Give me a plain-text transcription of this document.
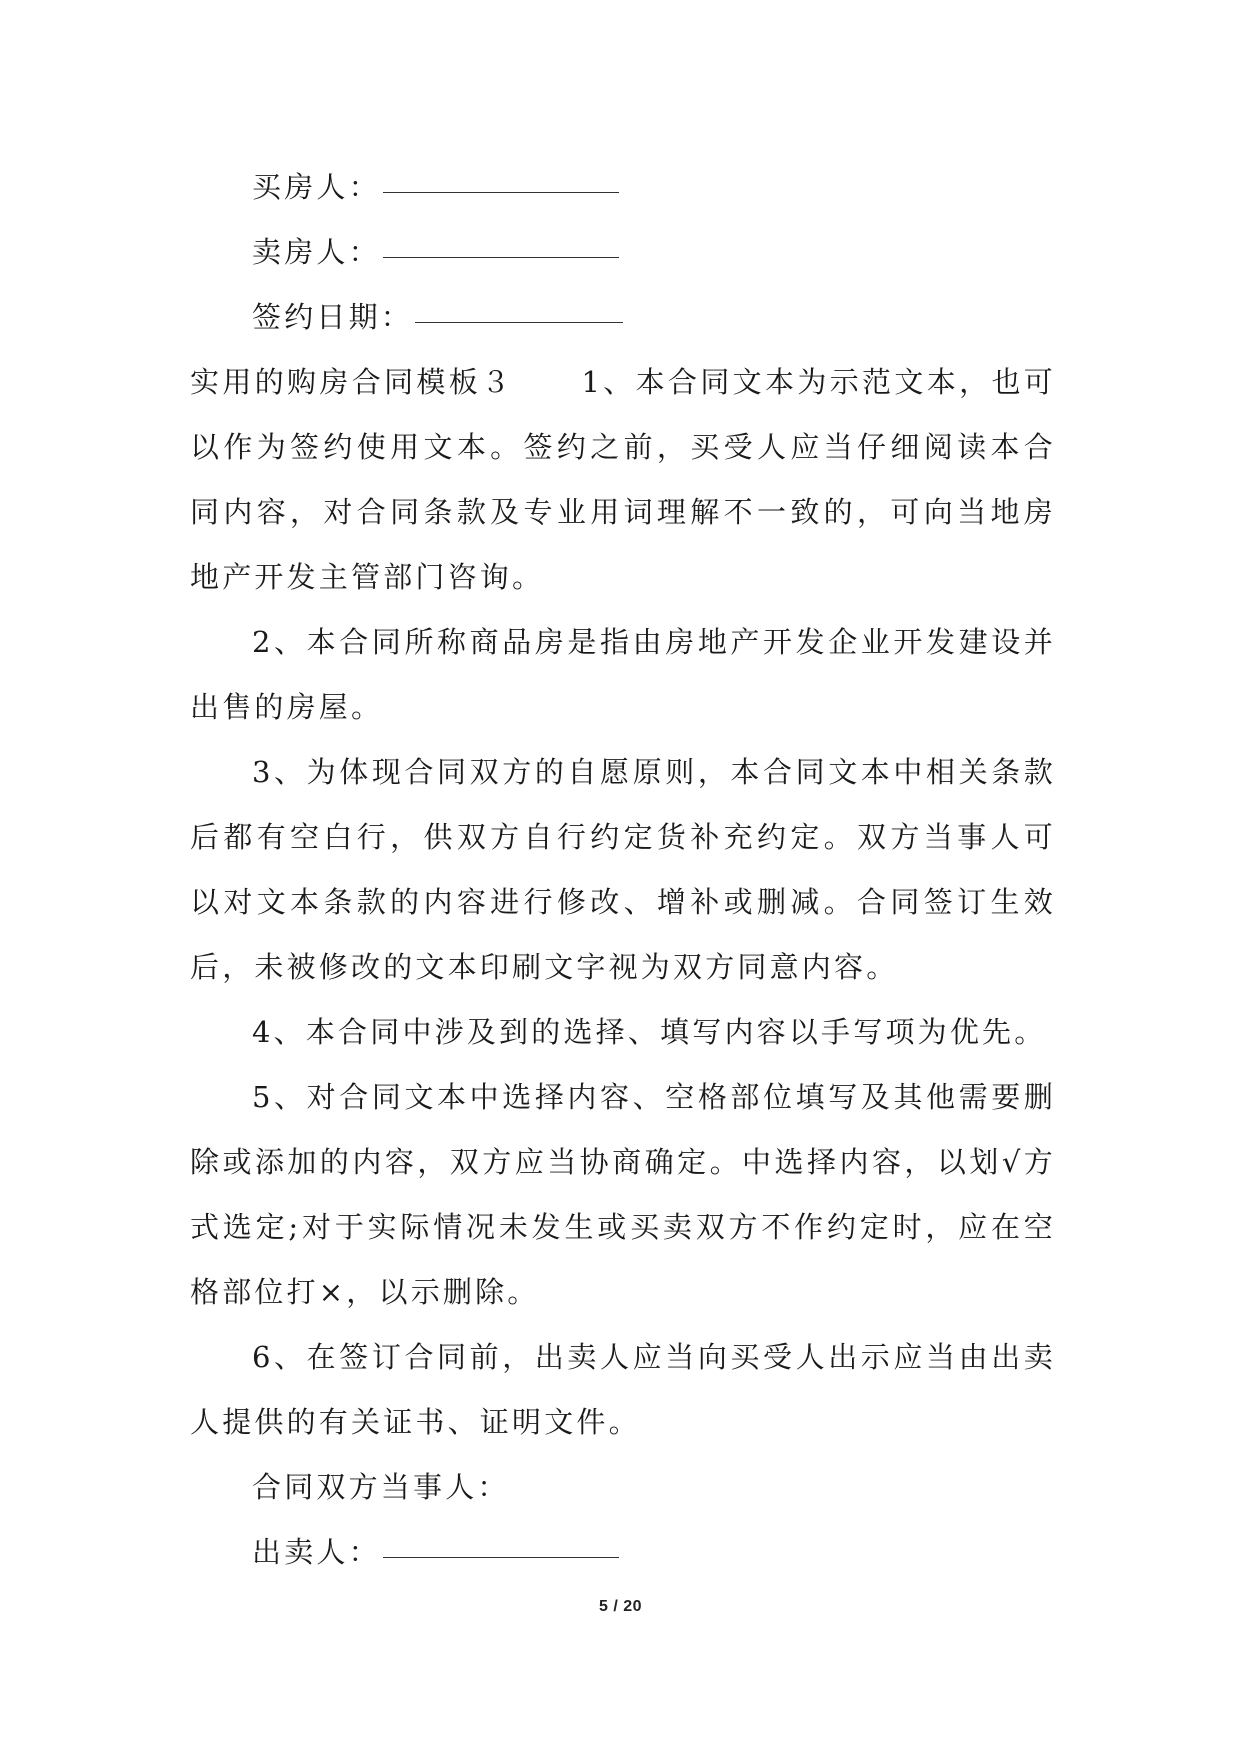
买房人：
卖房人：
签约日期：
实用的购房合同模板３ 1、本合同文本为示范文本，也可以作为签约使用文本。签约之前，买受人应当仔细阅读本合同内容，对合同条款及专业用词理解不一致的，可向当地房地产开发主管部门咨询。
2、本合同所称商品房是指由房地产开发企业开发建设并出售的房屋。
3、为体现合同双方的自愿原则，本合同文本中相关条款后都有空白行，供双方自行约定货补充约定。双方当事人可以对文本条款的内容进行修改、增补或删减。合同签订生效后，未被修改的文本印刷文字视为双方同意内容。
4、本合同中涉及到的选择、填写内容以手写项为优先。
5、对合同文本中选择内容、空格部位填写及其他需要删除或添加的内容，双方应当协商确定。中选择内容，以划√方式选定;对于实际情况未发生或买卖双方不作约定时，应在空格部位打×，以示删除。
6、在签订合同前，出卖人应当向买受人出示应当由出卖人提供的有关证书、证明文件。
合同双方当事人：
出卖人：
5 / 20
